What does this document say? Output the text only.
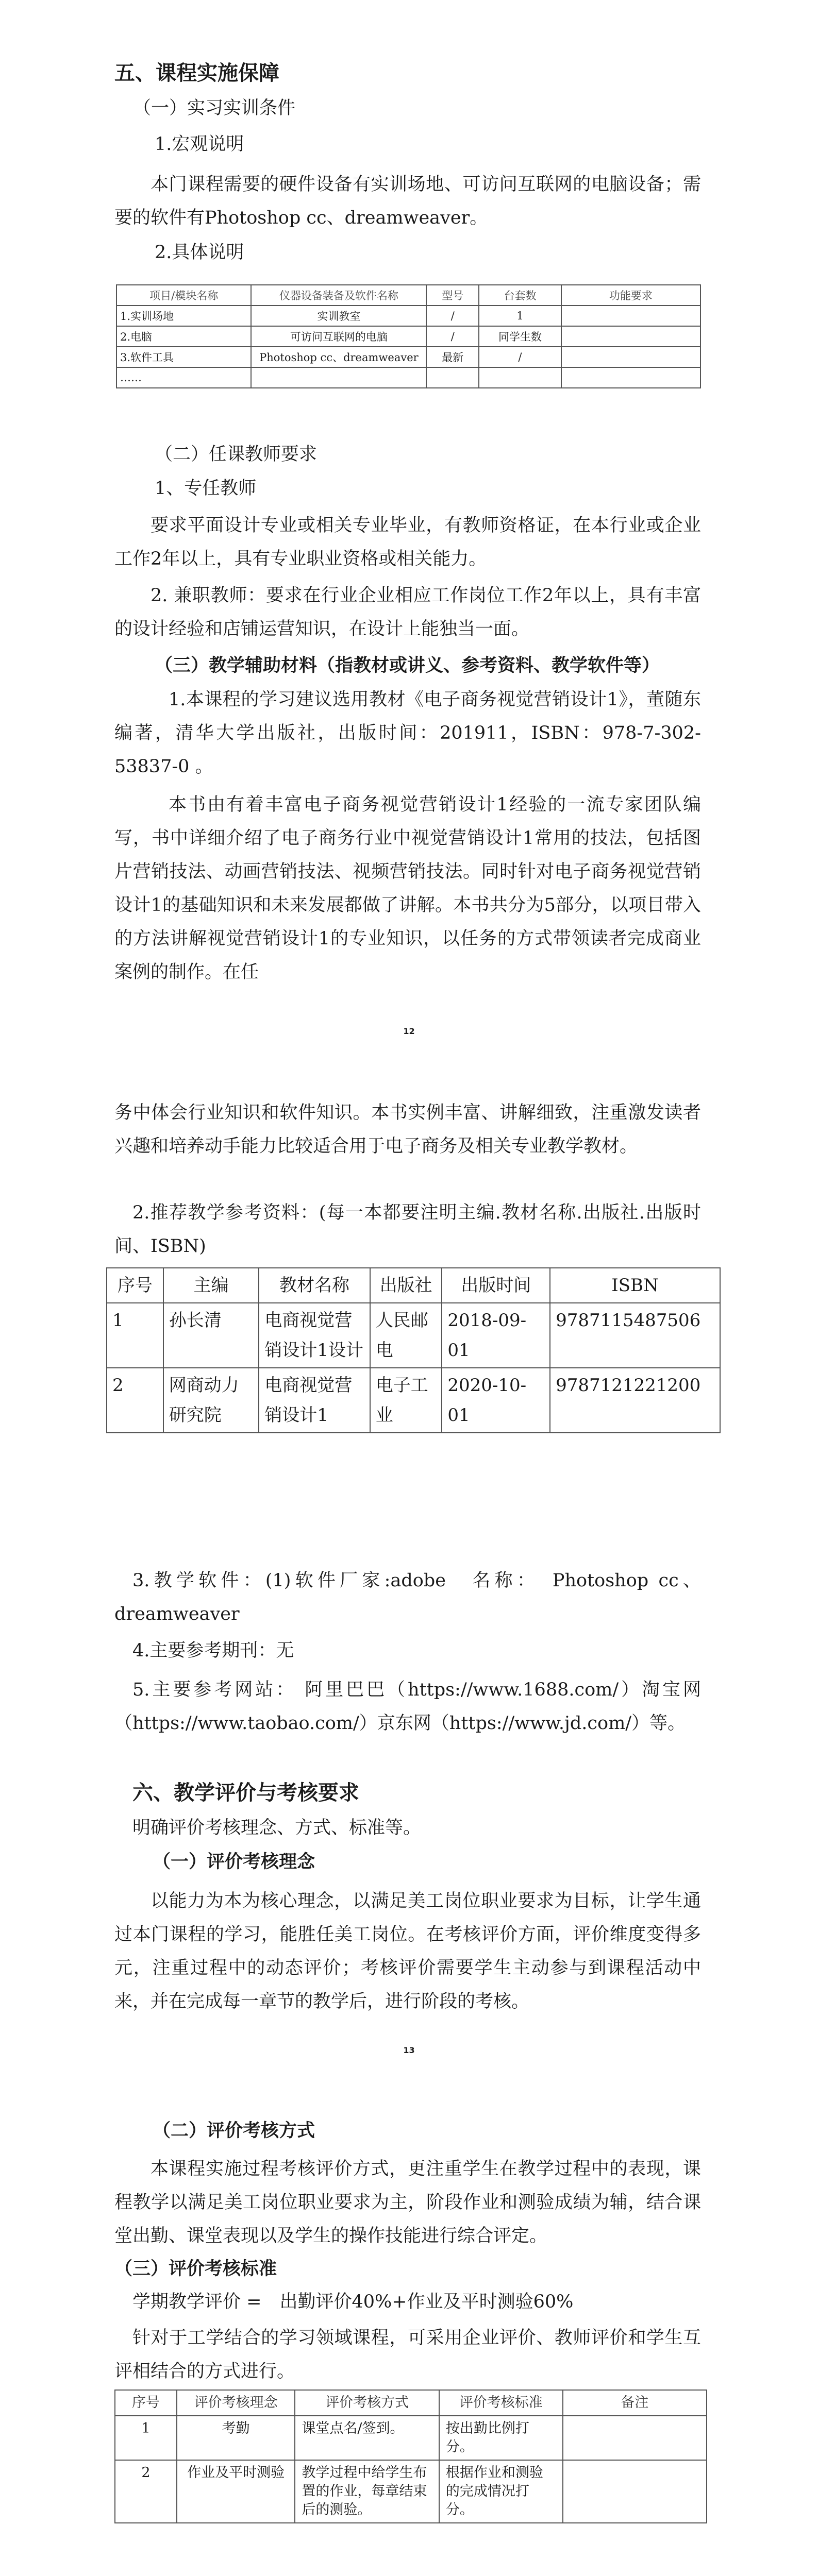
五、课程实施保障
（一）实习实训条件
1.宏观说明
本门课程需要的硬件设备有实训场地、可访问互联网的电脑设备；需要的软件有Photoshop cc、dreamweaver。
2.具体说明
项目/模块名称	仪器设备装备及软件名称	型号	台套数	功能要求
1.实训场地	实训教室	/	1	
2.电脑	可访问互联网的电脑	/	同学生数	
3.软件工具	Photoshop cc、dreamweaver	最新	/	
……				
（二）任课教师要求
1、专任教师
要求平面设计专业或相关专业毕业，有教师资格证，在本行业或企业工作2年以上，具有专业职业资格或相关能力。
2. 兼职教师：要求在行业企业相应工作岗位工作2年以上，具有丰富的设计经验和店铺运营知识，在设计上能独当一面。
（三）教学辅助材料（指教材或讲义、参考资料、教学软件等）
1.本课程的学习建议选用教材《电子商务视觉营销设计1》，董随东 编著，清华大学出版社，出版时间：201911，ISBN：978-7-302-53837-0 。
本书由有着丰富电子商务视觉营销设计1经验的一流专家团队编写，书中详细介绍了电子商务行业中视觉营销设计1常用的技法，包括图片营销技法、动画营销技法、视频营销技法。同时针对电子商务视觉营销设计1的基础知识和未来发展都做了讲解。本书共分为5部分，以项目带入的方法讲解视觉营销设计1的专业知识，以任务的方式带领读者完成商业案例的制作。在任
12
务中体会行业知识和软件知识。本书实例丰富、讲解细致，注重激发读者兴趣和培养动手能力比较适合用于电子商务及相关专业教学教材。
2.推荐教学参考资料：(每一本都要注明主编.教材名称.出版社.出版时间、ISBN)
序号	主编	教材名称	出版社	出版时间	ISBN
1	孙长清	电商视觉营销设计1设计	人民邮电	2018-09-01	9787115487506
2	网商动力研究院	电商视觉营销设计1	电子工业	2020-10-01	9787121221200
3.教学软件：(1)软件厂家:adobe　名称：　Photoshop cc、dreamweaver
4.主要参考期刊：无
5.主要参考网站： 阿里巴巴（https://www.1688.com/）淘宝网（https://www.taobao.com/）京东网（https://www.jd.com/）等。
六、教学评价与考核要求
明确评价考核理念、方式、标准等。
（一）评价考核理念
以能力为本为核心理念，以满足美工岗位职业要求为目标，让学生通过本门课程的学习，能胜任美工岗位。在考核评价方面，评价维度变得多元，注重过程中的动态评价；考核评价需要学生主动参与到课程活动中来，并在完成每一章节的教学后，进行阶段的考核。
13
（二）评价考核方式
本课程实施过程考核评价方式，更注重学生在教学过程中的表现，课程教学以满足美工岗位职业要求为主，阶段作业和测验成绩为辅，结合课堂出勤、课堂表现以及学生的操作技能进行综合评定。
（三）评价考核标准
学期教学评价 =　出勤评价40%+作业及平时测验60%
针对于工学结合的学习领域课程，可采用企业评价、教师评价和学生互评相结合的方式进行。
序号	评价考核理念	评价考核方式	评价考核标准	备注
1	考勤	课堂点名/签到。	按出勤比例打分。	
2	作业及平时测验	教学过程中给学生布置的作业，每章结束后的测验。	根据作业和测验的完成情况打分。	
